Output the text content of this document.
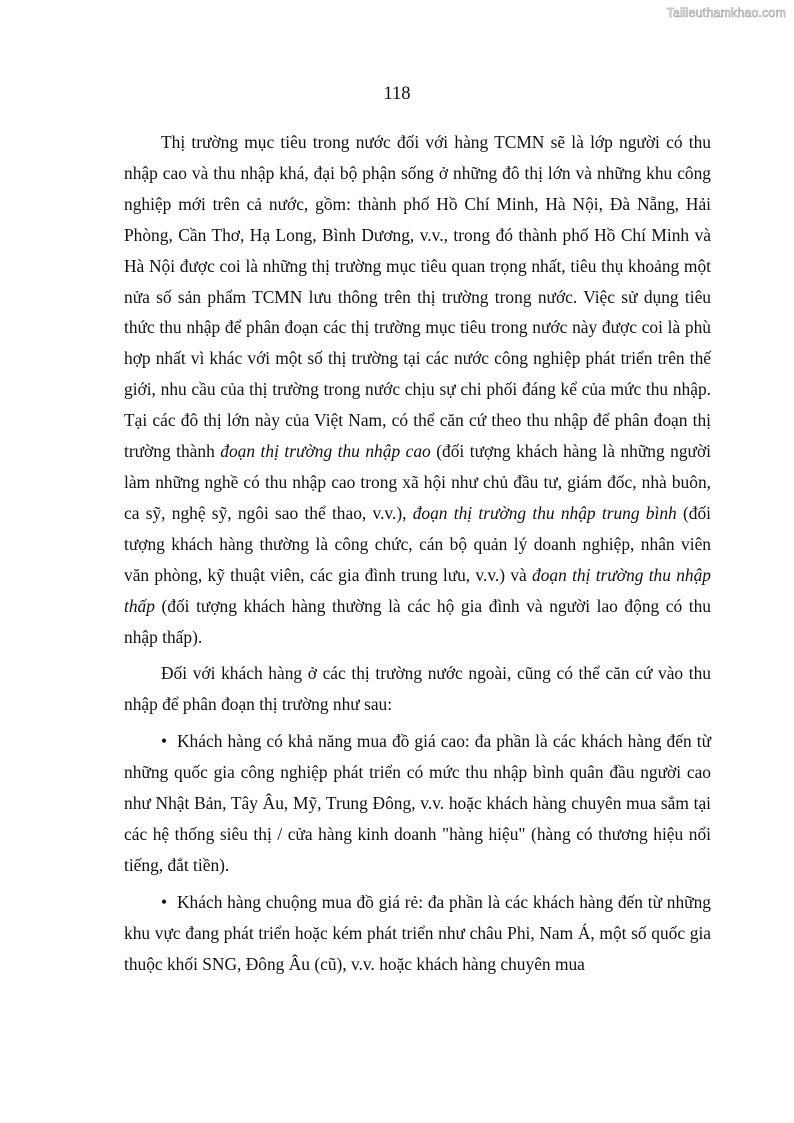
Tailieuthamkhao.com
118

Thị trường mục tiêu trong nước đối với hàng TCMN sẽ là lớp người có thu nhập cao và thu nhập khá, đại bộ phận sống ở những đô thị lớn và những khu công nghiệp mới trên cả nước, gồm: thành phố Hồ Chí Minh, Hà Nội, Đà Nẵng, Hải Phòng, Cần Thơ, Hạ Long, Bình Dương, v.v., trong đó thành phố Hồ Chí Minh và Hà Nội được coi là những thị trường mục tiêu quan trọng nhất, tiêu thụ khoảng một nửa số sản phẩm TCMN lưu thông trên thị trường trong nước. Việc sử dụng tiêu thức thu nhập để phân đoạn các thị trường mục tiêu trong nước này được coi là phù hợp nhất vì khác với một số thị trường tại các nước công nghiệp phát triển trên thế giới, nhu cầu của thị trường trong nước chịu sự chi phối đáng kể của mức thu nhập. Tại các đô thị lớn này của Việt Nam, có thể căn cứ theo thu nhập để phân đoạn thị trường thành đoạn thị trường thu nhập cao (đối tượng khách hàng là những người làm những nghề có thu nhập cao trong xã hội như chủ đầu tư, giám đốc, nhà buôn, ca sỹ, nghệ sỹ, ngôi sao thể thao, v.v.), đoạn thị trường thu nhập trung bình (đối tượng khách hàng thường là công chức, cán bộ quản lý doanh nghiệp, nhân viên văn phòng, kỹ thuật viên, các gia đình trung lưu, v.v.) và đoạn thị trường thu nhập thấp (đối tượng khách hàng thường là các hộ gia đình và người lao động có thu nhập thấp).

Đối với khách hàng ở các thị trường nước ngoài, cũng có thể căn cứ vào thu nhập để phân đoạn thị trường như sau:

• Khách hàng có khả năng mua đồ giá cao: đa phần là các khách hàng đến từ những quốc gia công nghiệp phát triển có mức thu nhập bình quân đầu người cao như Nhật Bản, Tây Âu, Mỹ, Trung Đông, v.v. hoặc khách hàng chuyên mua sắm tại các hệ thống siêu thị / cửa hàng kinh doanh "hàng hiệu" (hàng có thương hiệu nổi tiếng, đắt tiền).

• Khách hàng chuộng mua đồ giá rẻ: đa phần là các khách hàng đến từ những khu vực đang phát triển hoặc kém phát triển như châu Phi, Nam Á, một số quốc gia thuộc khối SNG, Đông Âu (cũ), v.v. hoặc khách hàng chuyên mua
